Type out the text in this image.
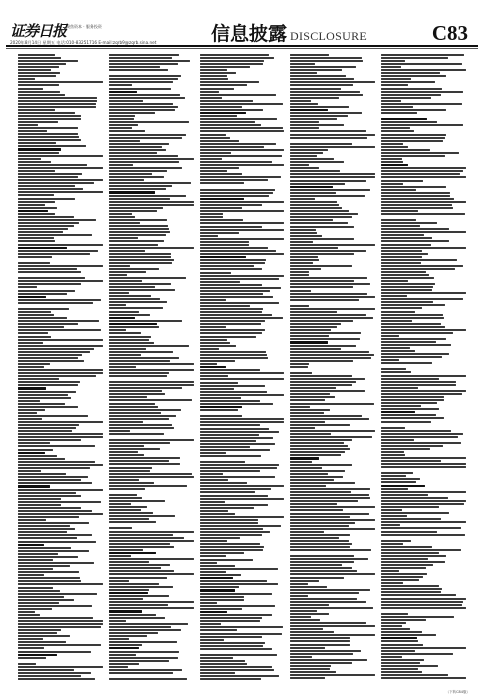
证券日报 聚焦资本 · 服务投资
2020年8月14日 星期五 电话:010-83251716 E-mail:zqrb9@zqrb.sina.net	信息披露 DISCLOSURE	C83
（下转C84版）
